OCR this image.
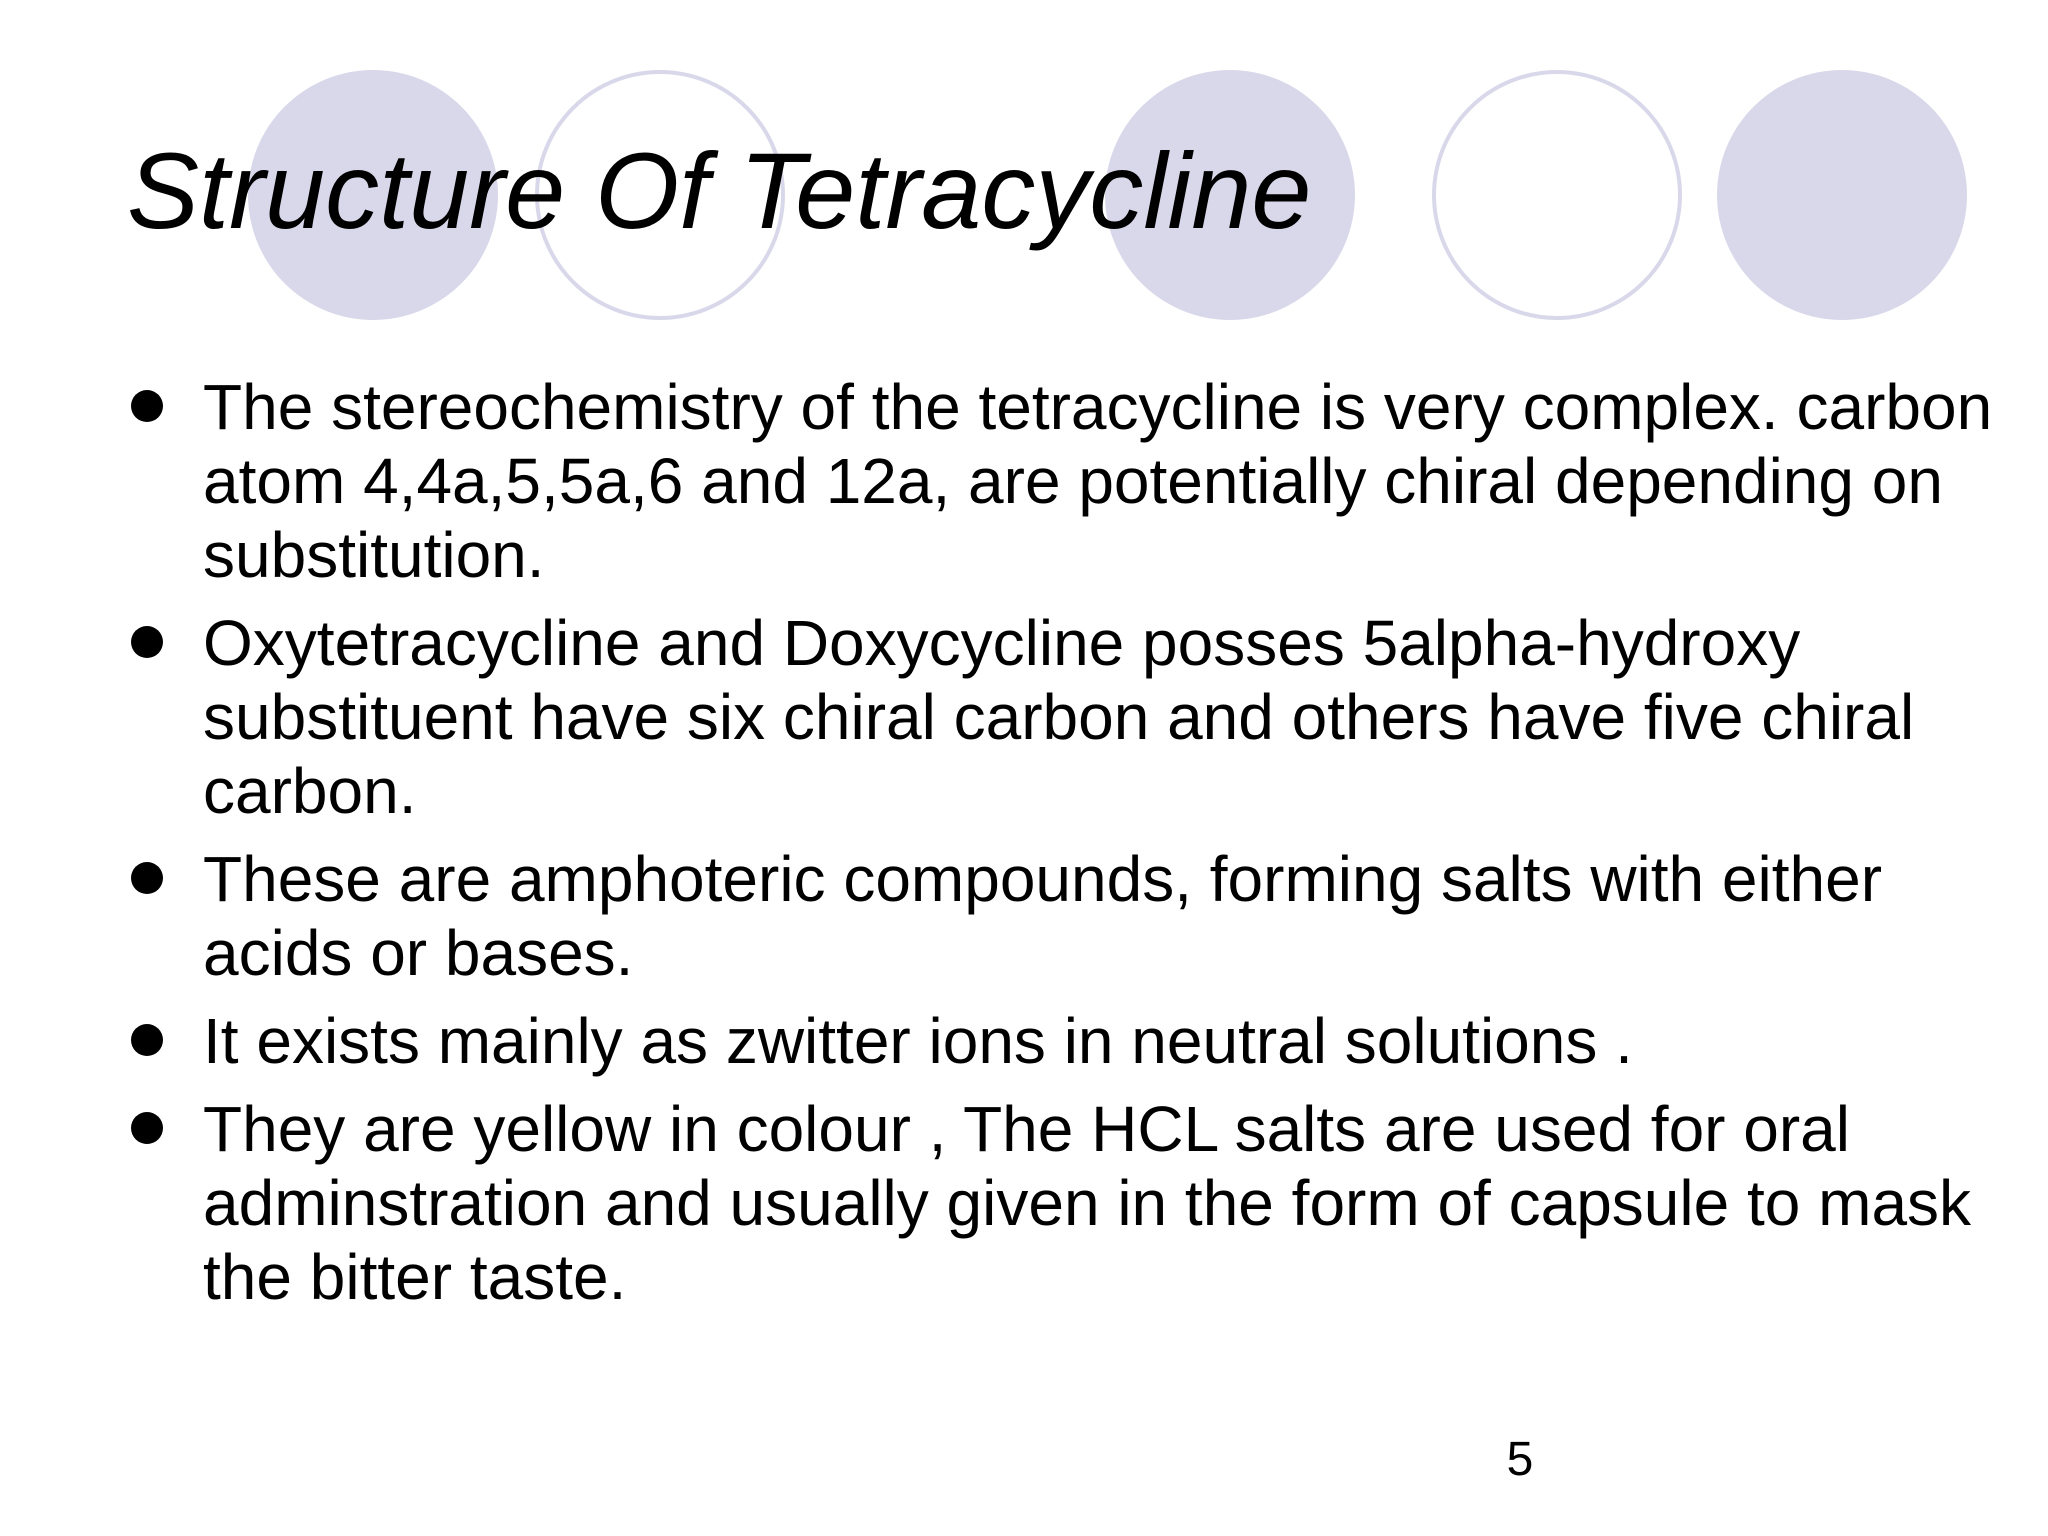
Structure Of Tetracycline
The stereochemistry of the tetracycline is very complex. carbon atom 4,4a,5,5a,6 and 12a, are potentially chiral depending on substitution.
Oxytetracycline and Doxycycline posses 5alpha-hydroxy substituent have six chiral carbon and others have five chiral carbon.
These are amphoteric compounds, forming salts with either acids or bases.
It exists mainly as zwitter ions in neutral solutions .
They are yellow in colour , The HCL salts are used for oral adminstration and usually given in the form of capsule to mask the bitter taste.
5
